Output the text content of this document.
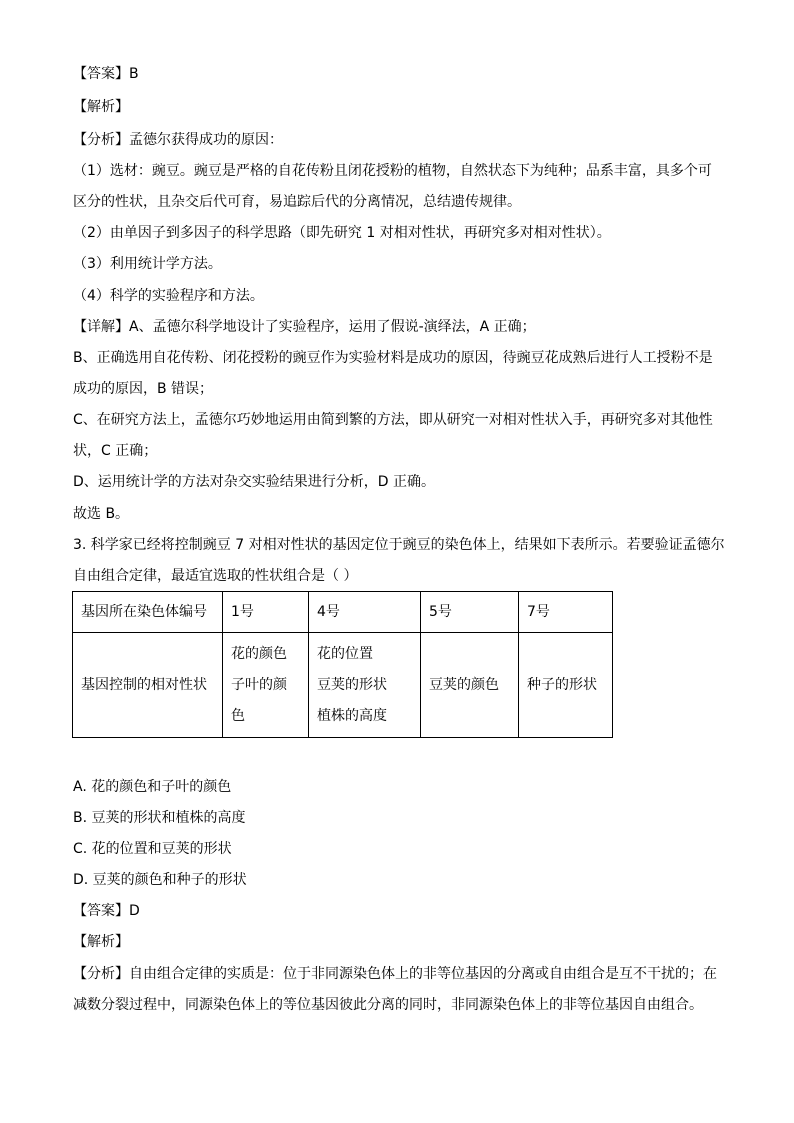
【答案】B
【解析】
【分析】孟德尔获得成功的原因：
（1）选材：豌豆。豌豆是严格的自花传粉且闭花授粉的植物，自然状态下为纯种；品系丰富，具多个可
区分的性状，且杂交后代可育，易追踪后代的分离情况，总结遗传规律。
（2）由单因子到多因子的科学思路（即先研究 1 对相对性状，再研究多对相对性状）。
（3）利用统计学方法。
（4）科学的实验程序和方法。
【详解】A、孟德尔科学地设计了实验程序，运用了假说-演绎法，A 正确；
B、正确选用自花传粉、闭花授粉的豌豆作为实验材料是成功的原因，待豌豆花成熟后进行人工授粉不是
成功的原因，B 错误；
C、在研究方法上，孟德尔巧妙地运用由简到繁的方法，即从研究一对相对性状入手，再研究多对其他性
状，C 正确；
D、运用统计学的方法对杂交实验结果进行分析，D 正确。
故选 B。
3. 科学家已经将控制豌豆 7 对相对性状的基因定位于豌豆的染色体上，结果如下表所示。若要验证孟德尔
自由组合定律，最适宜选取的性状组合是（ ）
基因所在染色体编号	1号	4号	5号	7号

基因控制的相对性状	花的颜色
子叶的颜
色	花的位置
豆荚的形状
植株的高度	豆荚的颜色	种子的形状
A. 花的颜色和子叶的颜色
B. 豆荚的形状和植株的高度
C. 花的位置和豆荚的形状
D. 豆荚的颜色和种子的形状
【答案】D
【解析】
【分析】自由组合定律的实质是：位于非同源染色体上的非等位基因的分离或自由组合是互不干扰的；在
减数分裂过程中，同源染色体上的等位基因彼此分离的同时，非同源染色体上的非等位基因自由组合。
